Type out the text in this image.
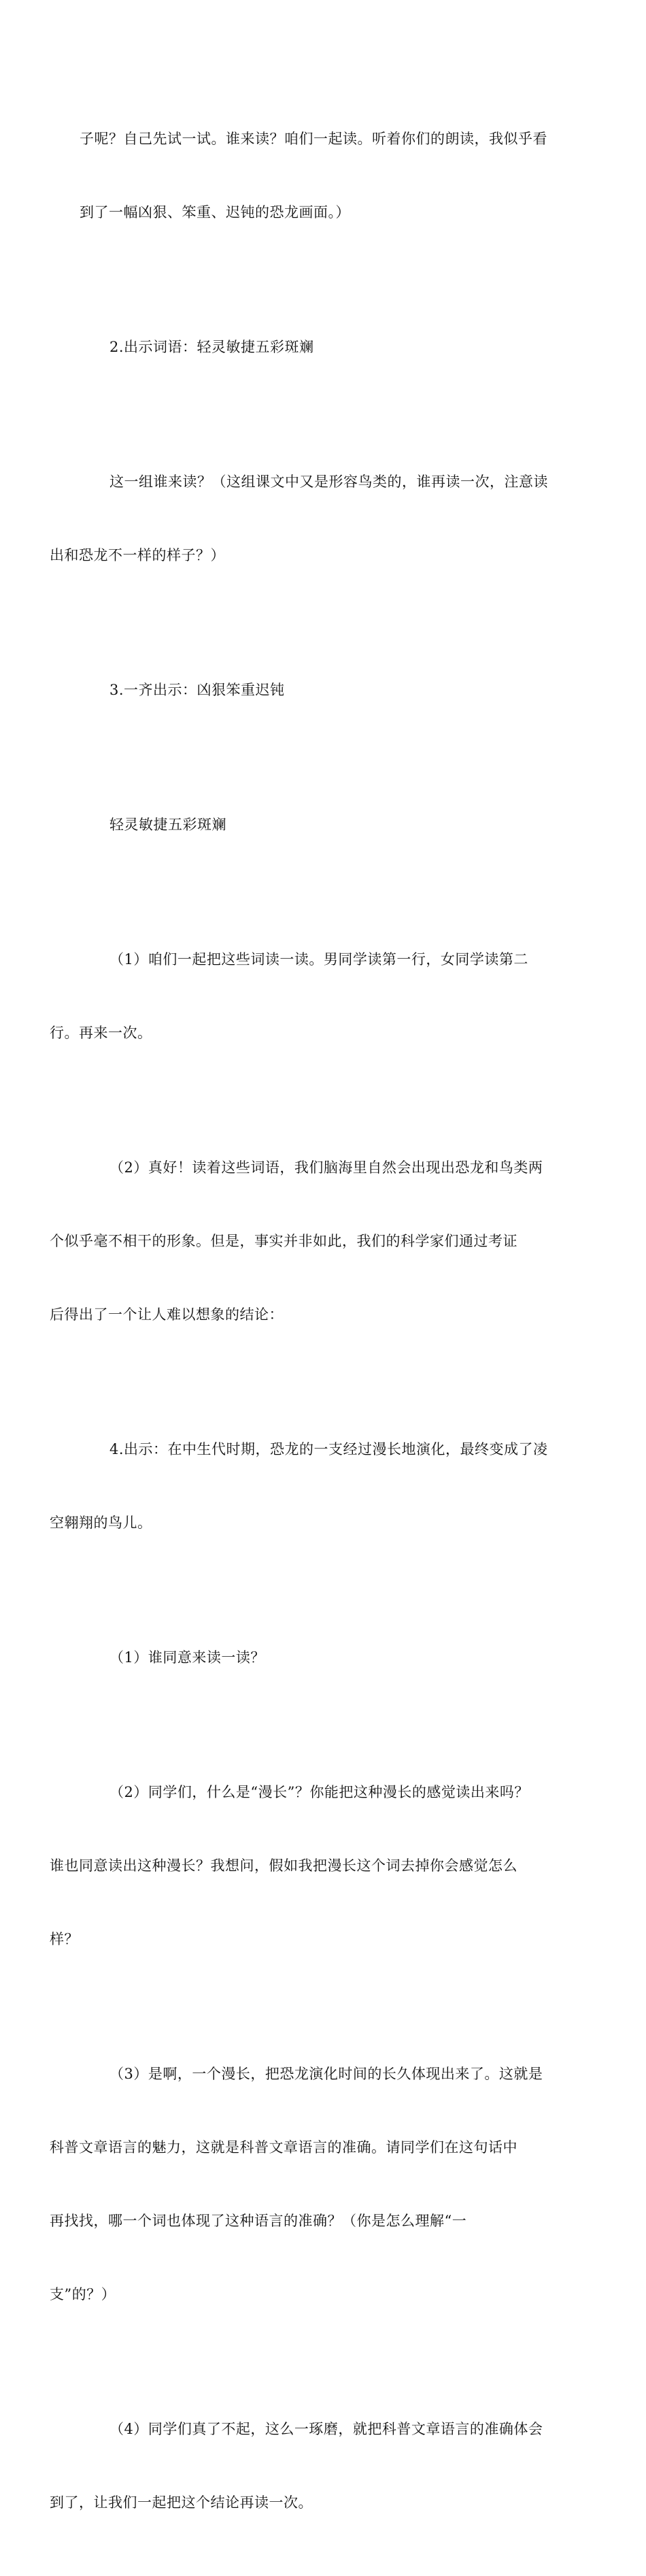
子呢？自己先试一试。谁来读？咱们一起读。听着你们的朗读，我似乎看

到了一幅凶狠、笨重、迟钝的恐龙画面。）

2.出示词语：轻灵敏捷五彩斑斓

这一组谁来读？（这组课文中又是形容鸟类的，谁再读一次，注意读

出和恐龙不一样的样子？）

3.一齐出示：凶狠笨重迟钝

轻灵敏捷五彩斑斓

（1）咱们一起把这些词读一读。男同学读第一行，女同学读第二

行。再来一次。

（2）真好！读着这些词语，我们脑海里自然会出现出恐龙和鸟类两

个似乎毫不相干的形象。但是，事实并非如此，我们的科学家们通过考证

后得出了一个让人难以想象的结论：

4.出示：在中生代时期，恐龙的一支经过漫长地演化，最终变成了凌

空翱翔的鸟儿。

（1）谁同意来读一读？

（2）同学们，什么是“漫长”？你能把这种漫长的感觉读出来吗？

谁也同意读出这种漫长？我想问，假如我把漫长这个词去掉你会感觉怎么

样？

（3）是啊，一个漫长，把恐龙演化时间的长久体现出来了。这就是

科普文章语言的魅力，这就是科普文章语言的准确。请同学们在这句话中

再找找，哪一个词也体现了这种语言的准确？（你是怎么理解“一

支”的？）

（4）同学们真了不起，这么一琢磨，就把科普文章语言的准确体会

到了，让我们一起把这个结论再读一次。
